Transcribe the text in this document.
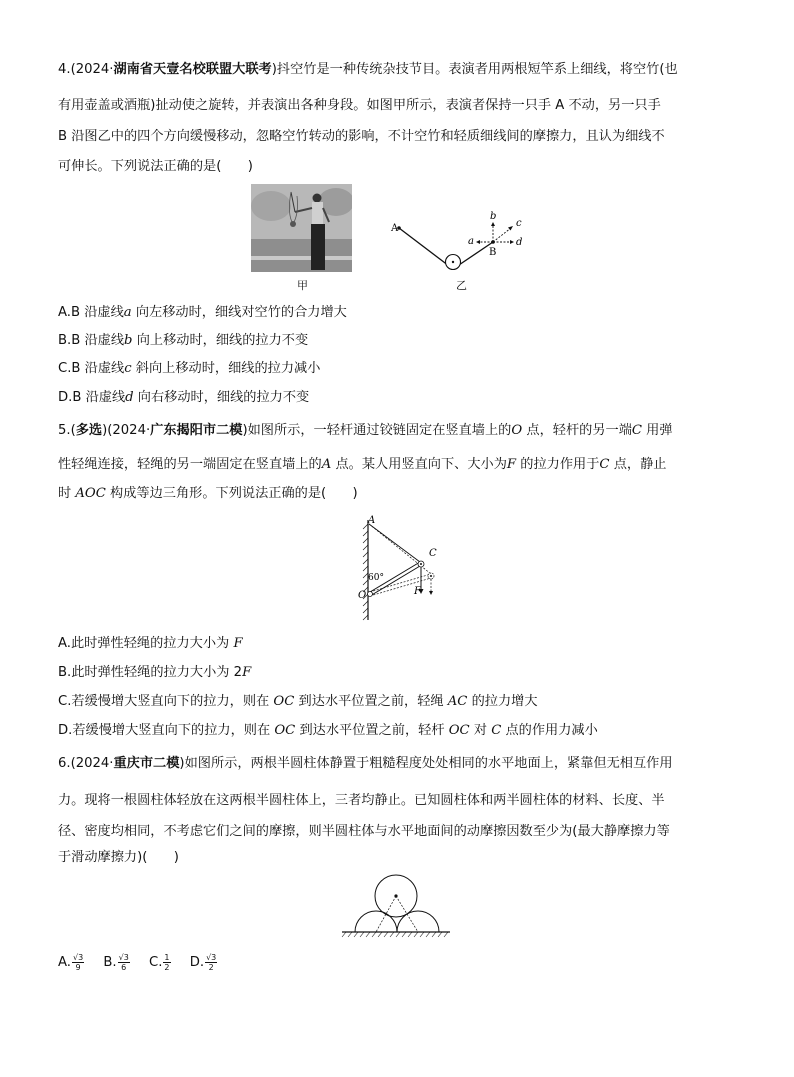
4.(2024·湖南省天壹名校联盟大联考)抖空竹是一种传统杂技节目。表演者用两根短竿系上细线，将空竹(也
有用壶盖或酒瓶)扯动使之旋转，并表演出各种身段。如图甲所示，表演者保持一只手 A 不动，另一只手
B 沿图乙中的四个方向缓慢移动，忽略空竹转动的影响，不计空竹和轻质细线间的摩擦力，且认为细线不
可伸长。下列说法正确的是(　　)
甲
A
B
a
b
c
d
乙
A.B 沿虚线a 向左移动时，细线对空竹的合力增大
B.B 沿虚线b 向上移动时，细线的拉力不变
C.B 沿虚线c 斜向上移动时，细线的拉力减小
D.B 沿虚线d 向右移动时，细线的拉力不变
5.(多选)(2024·广东揭阳市二模)如图所示，一轻杆通过铰链固定在竖直墙上的O 点，轻杆的另一端C 用弹
性轻绳连接，轻绳的另一端固定在竖直墙上的A 点。某人用竖直向下、大小为F 的拉力作用于C 点，静止
时 AOC 构成等边三角形。下列说法正确的是(　　)
A
C
O	F
60°
A.此时弹性轻绳的拉力大小为 F
B.此时弹性轻绳的拉力大小为 2F
C.若缓慢增大竖直向下的拉力，则在 OC 到达水平位置之前，轻绳 AC 的拉力增大
D.若缓慢增大竖直向下的拉力，则在 OC 到达水平位置之前，轻杆 OC 对 C 点的作用力减小
6.(2024·重庆市二模)如图所示，两根半圆柱体静置于粗糙程度处处相同的水平地面上，紧靠但无相互作用
力。现将一根圆柱体轻放在这两根半圆柱体上，三者均静止。已知圆柱体和两半圆柱体的材料、长度、半
径、密度均相同，不考虑它们之间的摩擦，则半圆柱体与水平地面间的动摩擦因数至少为(最大静摩擦力等
于滑动摩擦力)(　　)
A. $\frac{√3}{9} B$. $\frac{√3}{6} C$. $\frac{1}{2} D$. $\frac{√3}{2}$
